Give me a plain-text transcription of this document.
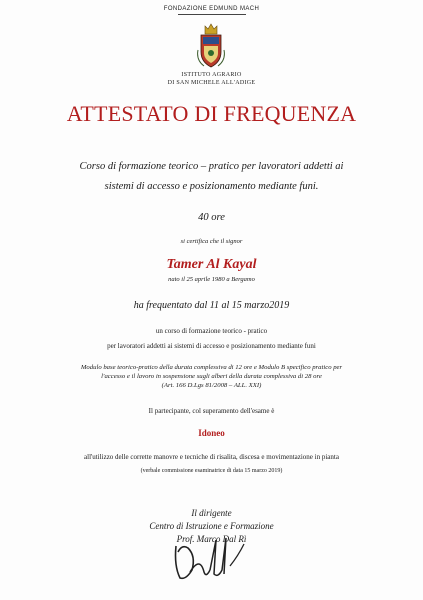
FONDAZIONE EDMUND MACH
ISTITUTO AGRARIO
DI SAN MICHELE ALL'ADIGE
ATTESTATO DI FREQUENZA
Corso di formazione teorico – pratico per lavoratori addetti ai
sistemi di accesso e posizionamento mediante funi.
40 ore
si certifica che il signor
Tamer Al Kayal
nato il 25 aprile 1980 a Bergamo
ha frequentato dal 11 al 15 marzo2019
un corso di formazione teorico - pratico
per lavoratori addetti ai sistemi di accesso e posizionamento mediante funi
Modulo base teorico-pratico della durata complessiva di 12 ore e Modulo B specifico pratico per
l'accesso e il lavoro in sospensione sugli alberi della durata complessiva di 28 ore
(Art. 166 D.Lgs 81/2008 – ALL. XXI)
Il partecipante, col superamento dell'esame è
Idoneo
all'utilizzo delle corrette manovre e tecniche di risalita, discesa e movimentazione in pianta
(verbale commissione esaminatrice di data 15 marzo 2019)
Il dirigente
Centro di Istruzione e Formazione
Prof. Marco Dal Rì
